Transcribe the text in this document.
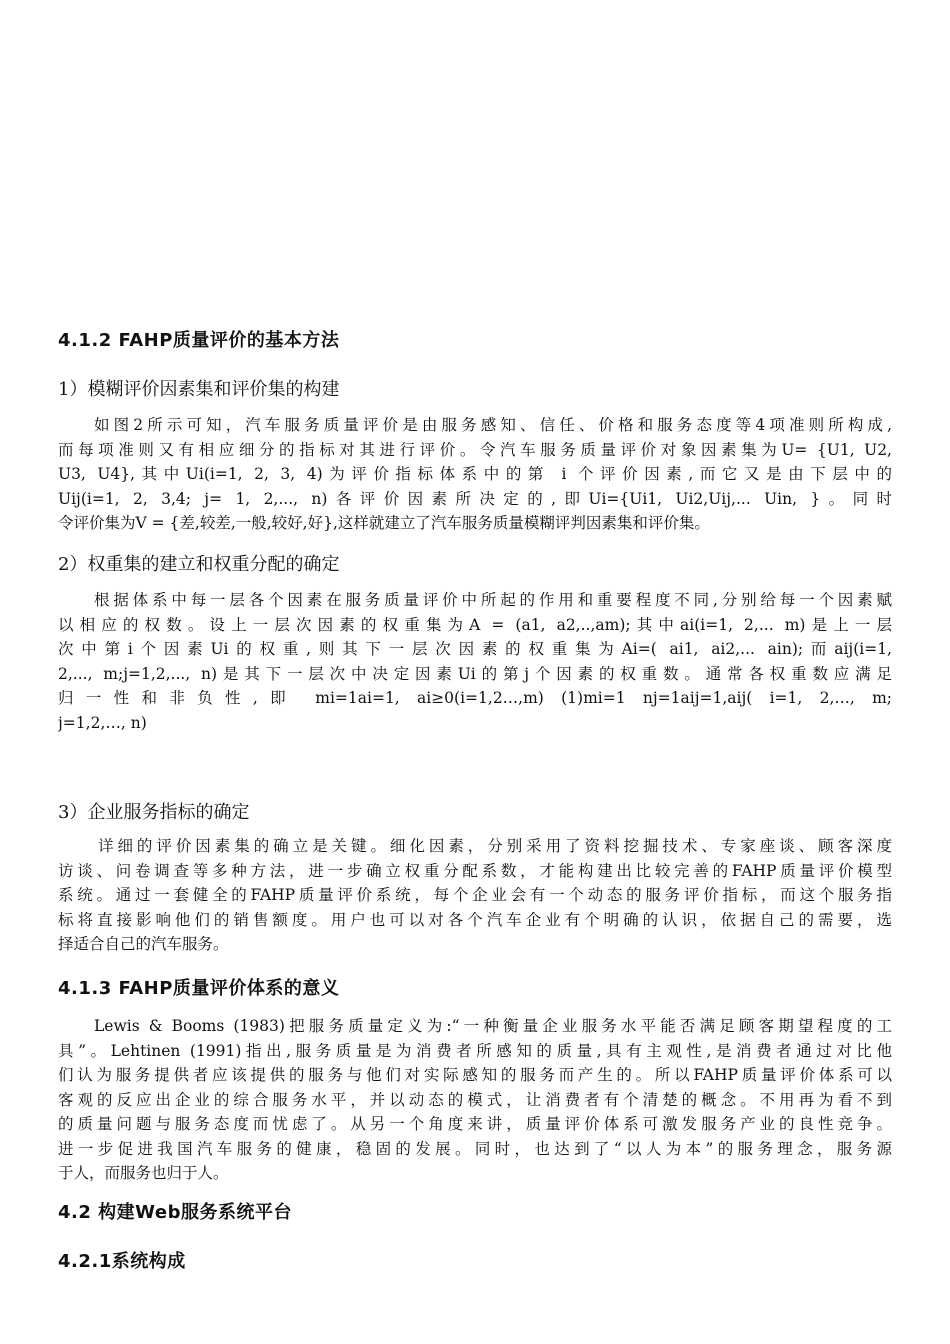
4.1.2 FAHP质量评价的基本方法
1）模糊评价因素集和评价集的构建
如图2所示可知，汽车服务质量评价是由服务感知、信任、价格和服务态度等4项准则所构成,
而每项准则又有相应细分的指标对其进行评价。令汽车服务质量评价对象因素集为U= {U1, U2,
U3, U4},其中Ui(i=1, 2, 3, 4)为评价指标体系中的第 i 个评价因素,而它又是由下层中的
Uij(i=1, 2, 3,4; j= 1, 2,..., n)各评价因素所决定的,即Ui={Ui1, Ui2,Uij,... Uin, }。同时
令评价集为V = {差,较差,一般,较好,好},这样就建立了汽车服务质量模糊评判因素集和评价集。
2）权重集的建立和权重分配的确定
根据体系中每一层各个因素在服务质量评价中所起的作用和重要程度不同,分别给每一个因素赋
以相应的权数。设上一层次因素的权重集为A = (a1, a2,..,am);其中ai(i=1, 2,... m)是上一层
次中第i个因素Ui的权重,则其下一层次因素的权重集为Ai=( ai1, ai2,... ain);而aij(i=1,
2,..., m;j=1,2,..., n)是其下一层次中决定因素Ui的第j个因素的权重数。通常各权重数应满足
归一性和非负性,即 mi=1ai=1, ai≥0(i=1,2…,m) (1)mi=1 nj=1aij=1,aij( i=1, 2,…, m;
j=1,2,…, n)
3）企业服务指标的确定
详细的评价因素集的确立是关键。细化因素，分别采用了资料挖掘技术、专家座谈、顾客深度
访谈、问卷调查等多种方法，进一步确立权重分配系数，才能构建出比较完善的FAHP质量评价模型
系统。通过一套健全的FAHP质量评价系统，每个企业会有一个动态的服务评价指标，而这个服务指
标将直接影响他们的销售额度。用户也可以对各个汽车企业有个明确的认识，依据自己的需要，选
择适合自己的汽车服务。
4.1.3 FAHP质量评价体系的意义
Lewis & Booms (1983)把服务质量定义为:“一种衡量企业服务水平能否满足顾客期望程度的工
具”。Lehtinen (1991)指出,服务质量是为消费者所感知的质量,具有主观性,是消费者通过对比他
们认为服务提供者应该提供的服务与他们对实际感知的服务而产生的。所以FAHP质量评价体系可以
客观的反应出企业的综合服务水平，并以动态的模式，让消费者有个清楚的概念。不用再为看不到
的质量问题与服务态度而忧虑了。从另一个角度来讲，质量评价体系可激发服务产业的良性竞争。
进一步促进我国汽车服务的健康，稳固的发展。同时，也达到了“以人为本”的服务理念，服务源
于人，而服务也归于人。
4.2 构建Web服务系统平台
4.2.1系统构成
